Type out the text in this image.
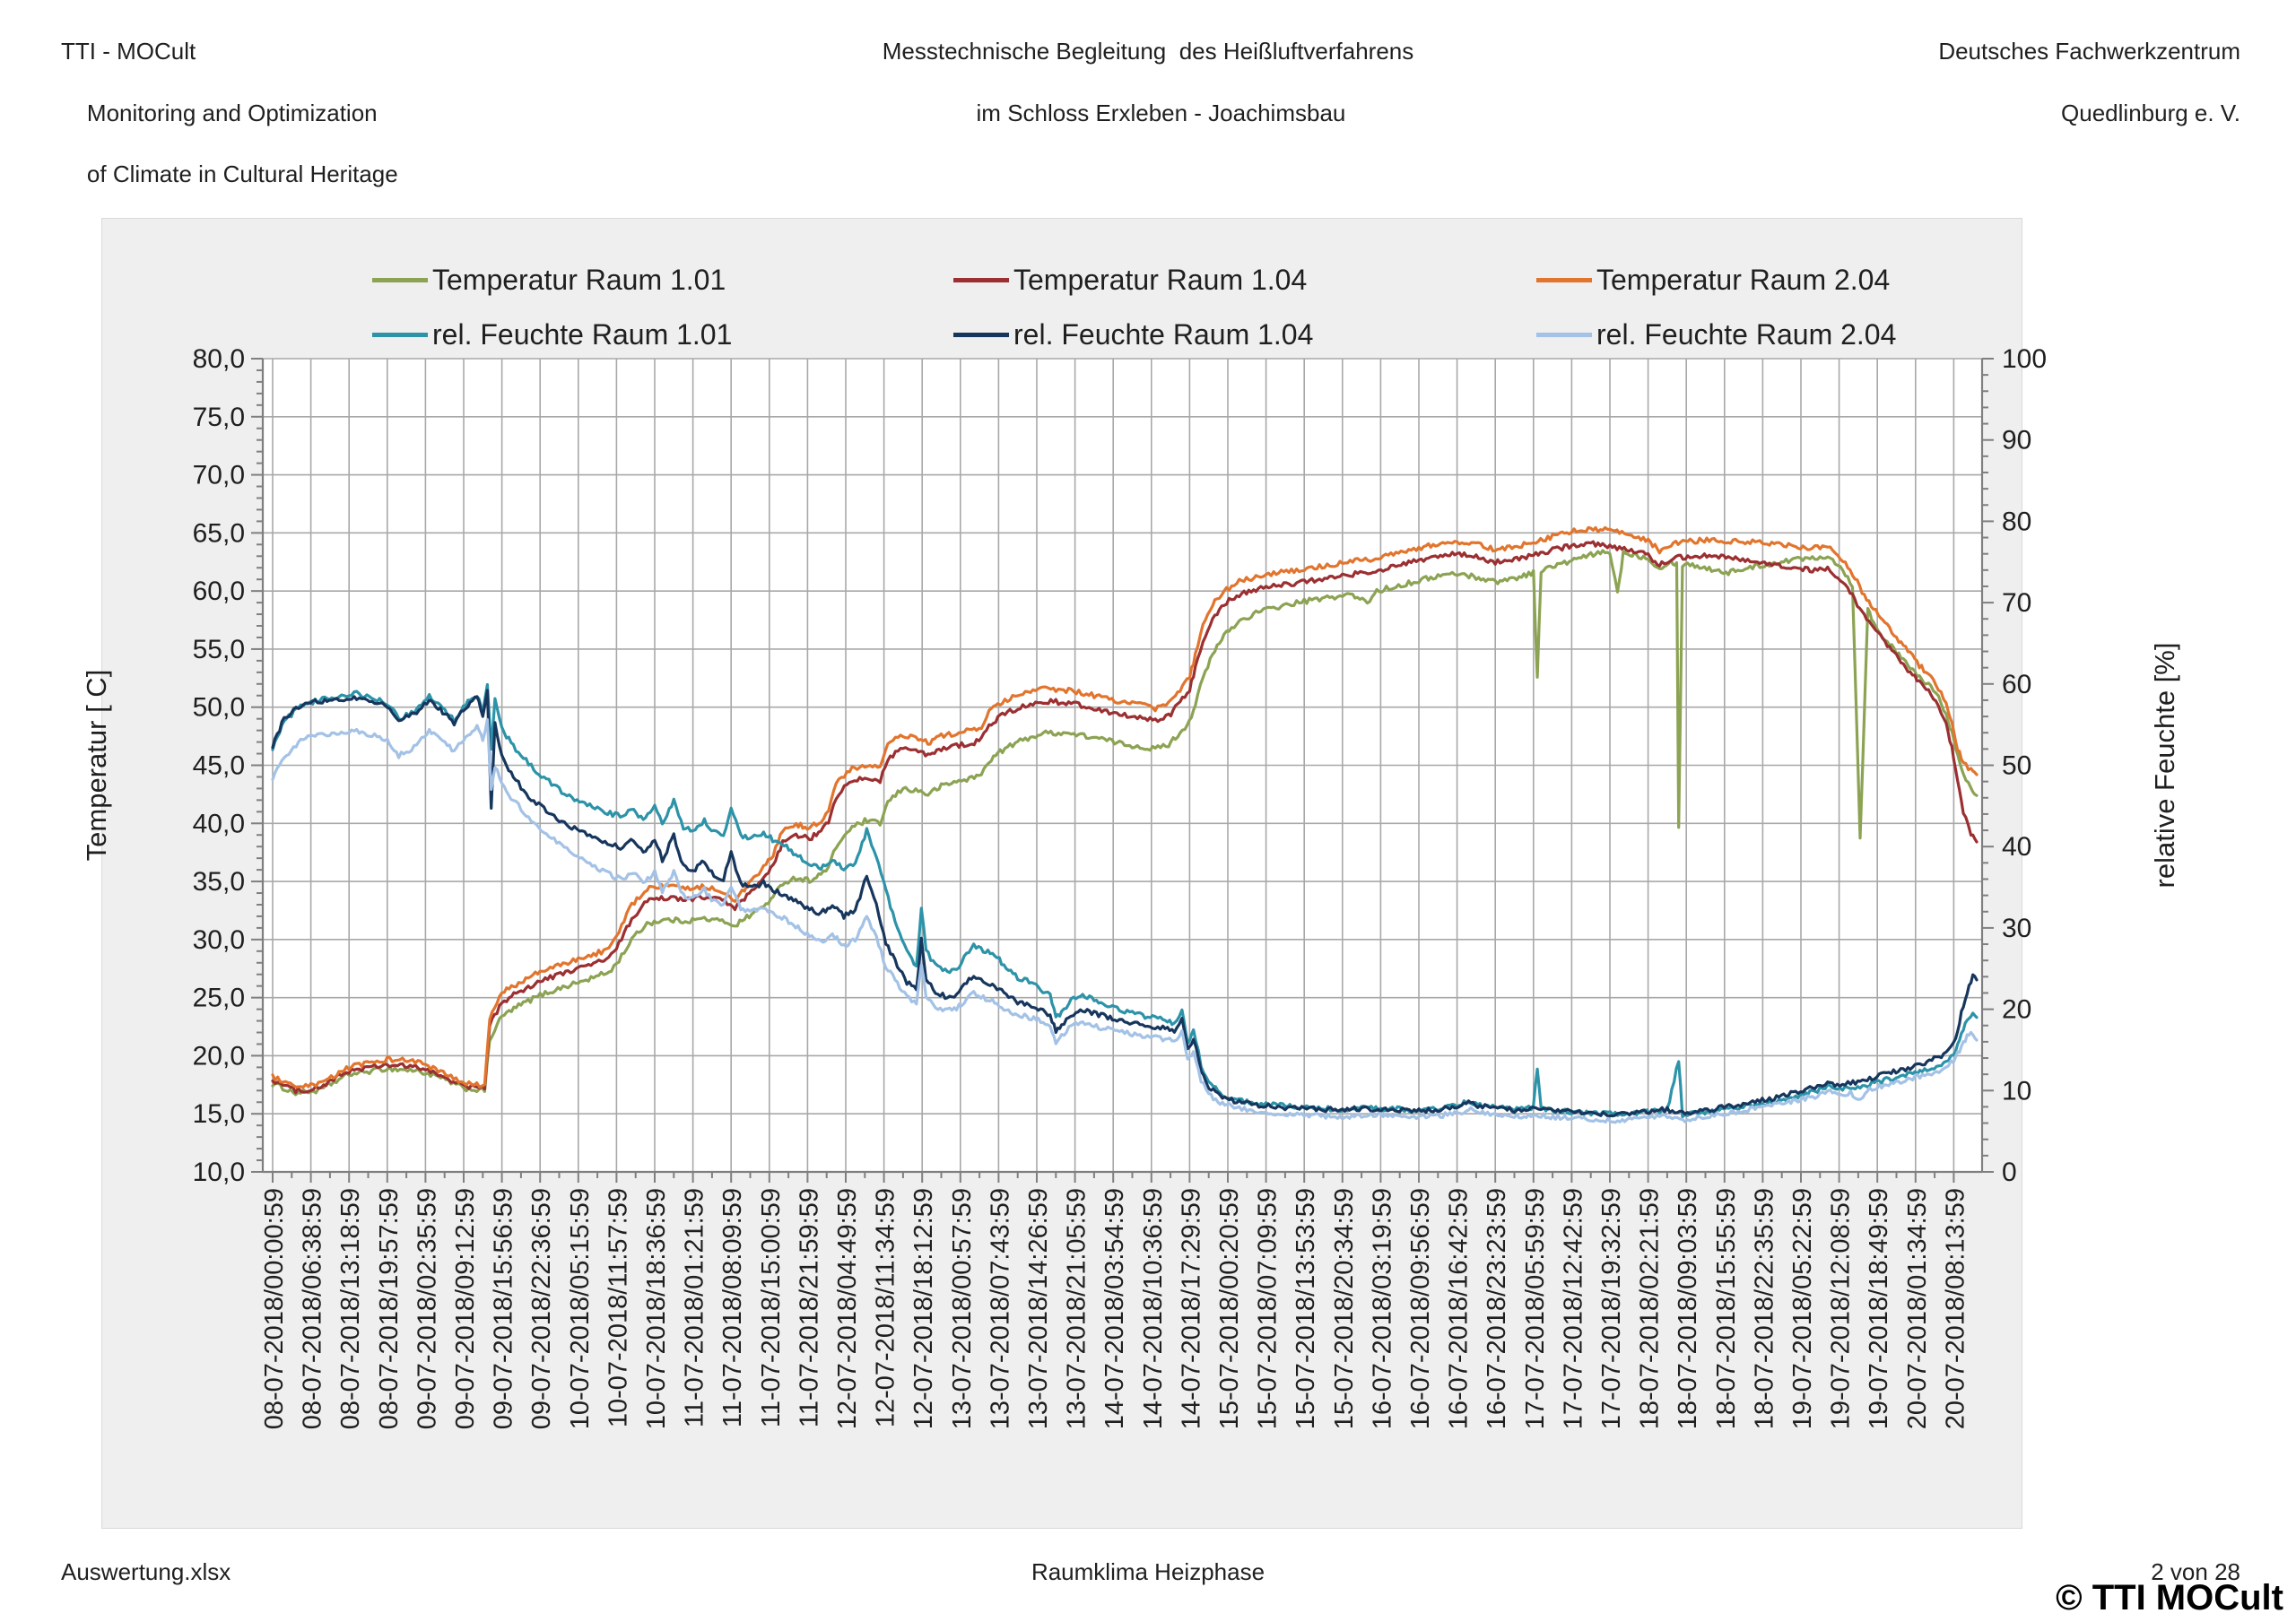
TTI - MOCult

Monitoring and Optimization

of Climate in Cultural Heritage
Messtechnische Begleitung  des Heißluftverfahrens

im Schloss Erxleben - Joachimsbau
Deutsches Fachwerkzentrum

Quedlinburg e. V.
Temperatur Raum 1.01	Temperatur Raum 1.04	Temperatur Raum 2.04
rel. Feuchte Raum 1.01	rel. Feuchte Raum 1.04	rel. Feuchte Raum 2.04
80,0
75,0
70,0
65,0
60,0
55,0
50,0
45,0
40,0
35,0
30,0
25,0
20,0
15,0
10,0
100
90
80
70
60
50
40
30
20
10
0
08-07-2018/00:00:59 08-07-2018/06:38:59 08-07-2018/13:18:59 08-07-2018/19:57:59 09-07-2018/02:35:59 09-07-2018/09:12:59 09-07-2018/15:56:59 09-07-2018/22:36:59 10-07-2018/05:15:59 10-07-2018/11:57:59 10-07-2018/18:36:59 11-07-2018/01:21:59 11-07-2018/08:09:59 11-07-2018/15:00:59 11-07-2018/21:59:59 12-07-2018/04:49:59 12-07-2018/11:34:59 12-07-2018/18:12:59 13-07-2018/00:57:59 13-07-2018/07:43:59 13-07-2018/14:26:59 13-07-2018/21:05:59 14-07-2018/03:54:59 14-07-2018/10:36:59 14-07-2018/17:29:59 15-07-2018/00:20:59 15-07-2018/07:09:59 15-07-2018/13:53:59 15-07-2018/20:34:59 16-07-2018/03:19:59 16-07-2018/09:56:59 16-07-2018/16:42:59 16-07-2018/23:23:59 17-07-2018/05:59:59 17-07-2018/12:42:59 17-07-2018/19:32:59 18-07-2018/02:21:59 18-07-2018/09:03:59 18-07-2018/15:55:59 18-07-2018/22:35:59 19-07-2018/05:22:59 19-07-2018/12:08:59 19-07-2018/18:49:59 20-07-2018/01:34:59 20-07-2018/08:13:59
Temperatur [ C]	relative Feuchte [%]
Auswertung.xlsx	Raumklima Heizphase	2 von 28
© TTI MOCult
